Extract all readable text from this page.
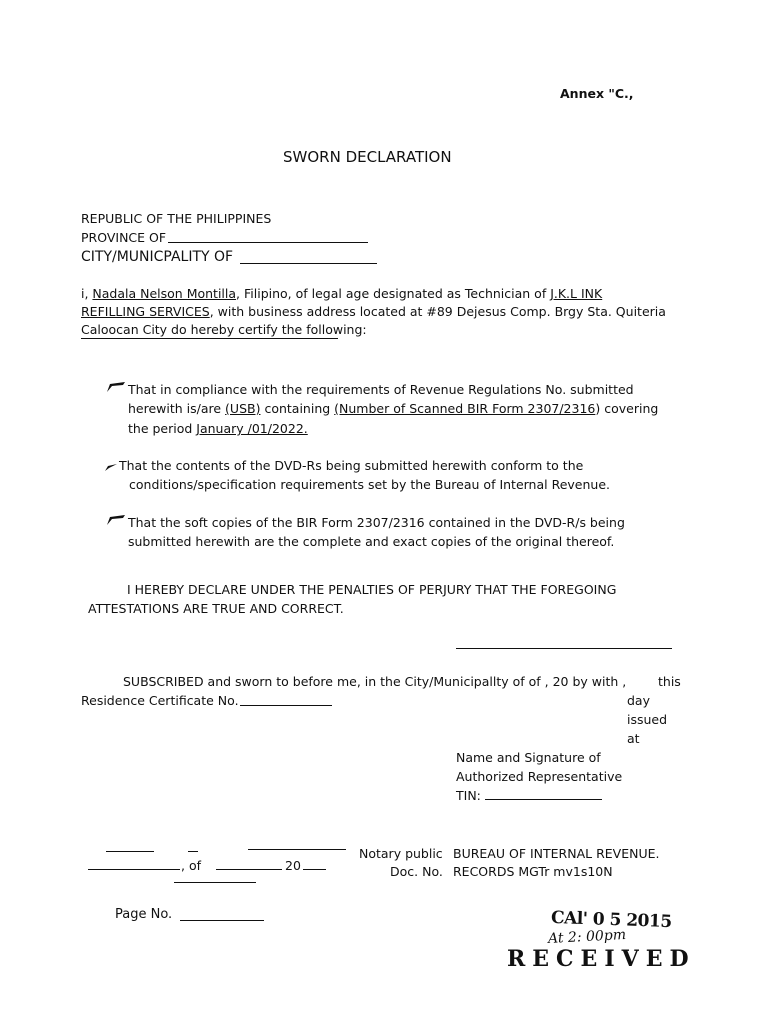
Annex "C.,
SWORN DECLARATION
REPUBLIC OF THE PHILIPPINES
PROVINCE OF
CITY/MUNICPALITY OF
i, Nadala Nelson Montilla, Filipino, of legal age designated as Technician of J.K.L INK
REFILLING SERVICES, with business address located at #89 Dejesus Comp. Brgy Sta. Quiteria
Caloocan City do hereby certify the following:
That in compliance with the requirements of Revenue Regulations No. submitted
herewith is/are (USB) containing (Number of Scanned BIR Form 2307/2316) covering
the period January /01/2022.
That the contents of the DVD-Rs being submitted herewith conform to the
conditions/specification requirements set by the Bureau of Internal Revenue.
That the soft copies of the BIR Form 2307/2316 contained in the DVD-R/s being
submitted herewith are the complete and exact copies of the original thereof.
I HEREBY DECLARE UNDER THE PENALTIES OF PERJURY THAT THE FOREGOING
ATTESTATIONS ARE TRUE AND CORRECT.
SUBSCRIBED and sworn to before me, in the City/Municipallty of of , 20 by with ,	this
Residence Certificate No.	day
issued
at
Name and Signature of
Authorized Representative
TIN:
, of	20
Notary public BUREAU OF INTERNAL REVENUE.
Doc. No. RECORDS MGTr mv1s10N
Page No.	CAl' 0 5 2015
At 2: 00pm
RECEIVED
